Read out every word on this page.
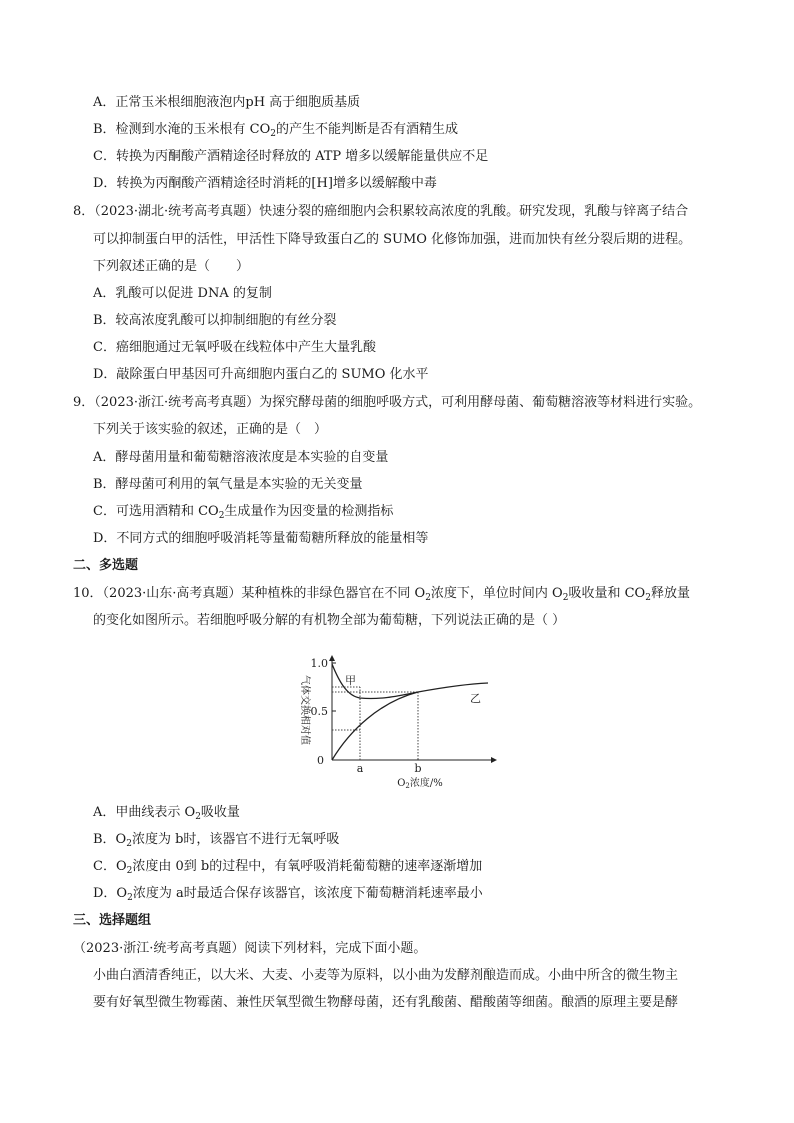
A．正常玉米根细胞液泡内pH 高于细胞质基质
B．检测到水淹的玉米根有 $CO_2$的产生不能判断是否有酒精生成
C．转换为丙酮酸产酒精途径时释放的 ATP 增多以缓解能量供应不足
D．转换为丙酮酸产酒精途径时消耗的[H]增多以缓解酸中毒
8．（2023·湖北·统考高考真题）快速分裂的癌细胞内会积累较高浓度的乳酸。研究发现，乳酸与锌离子结合
可以抑制蛋白甲的活性，甲活性下降导致蛋白乙的 SUMO 化修饰加强，进而加快有丝分裂后期的进程。
下列叙述正确的是（　　）
A．乳酸可以促进 DNA 的复制
B．较高浓度乳酸可以抑制细胞的有丝分裂
C．癌细胞通过无氧呼吸在线粒体中产生大量乳酸
D．敲除蛋白甲基因可升高细胞内蛋白乙的 SUMO 化水平
9．（2023·浙江·统考高考真题）为探究酵母菌的细胞呼吸方式，可利用酵母菌、葡萄糖溶液等材料进行实验。
下列关于该实验的叙述，正确的是（　）
A．酵母菌用量和葡萄糖溶液浓度是本实验的自变量
B．酵母菌可利用的氧气量是本实验的无关变量
C．可选用酒精和 $CO_2$生成量作为因变量的检测指标
D．不同方式的细胞呼吸消耗等量葡萄糖所释放的能量相等
二、多选题
10．（2023·山东·高考真题）某种植株的非绿色器官在不同 $O_2$浓度下，单位时间内 $O_2$吸收量和 $CO_2$释放量
的变化如图所示。若细胞呼吸分解的有机物全部为葡萄糖，下列说法正确的是（ ）
0
0.5
1.0
气体交换相对值	甲
乙
a	b
$O_2$浓度/%
A．甲曲线表示 $O_2$吸收量
B．$O_2$浓度为 b时，该器官不进行无氧呼吸
C．$O_2$浓度由 0到 b的过程中，有氧呼吸消耗葡萄糖的速率逐渐增加
D．$O_2$浓度为 a时最适合保存该器官，该浓度下葡萄糖消耗速率最小
三、选择题组
（2023·浙江·统考高考真题）阅读下列材料，完成下面小题。
小曲白酒清香纯正，以大米、大麦、小麦等为原料，以小曲为发酵剂酿造而成。小曲中所含的微生物主
要有好氧型微生物霉菌、兼性厌氧型微生物酵母菌，还有乳酸菌、醋酸菌等细菌。酿酒的原理主要是酵
